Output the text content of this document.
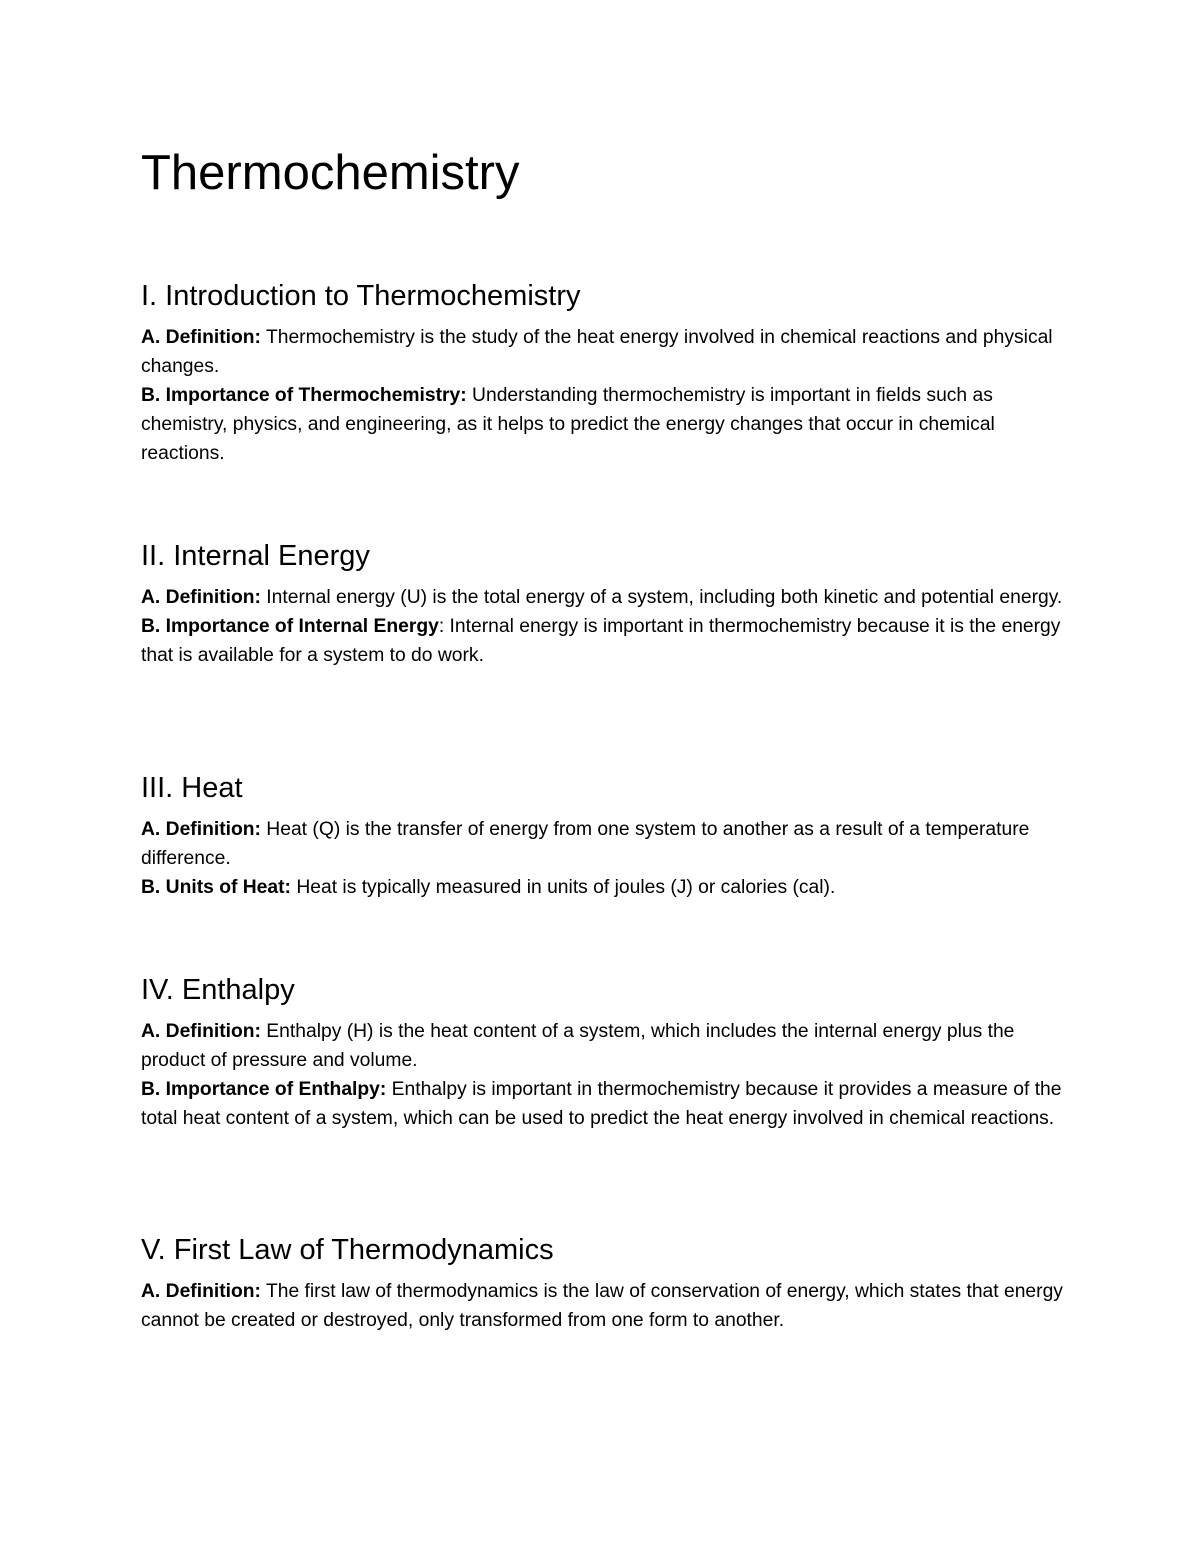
Thermochemistry
I. Introduction to Thermochemistry

A. Definition: Thermochemistry is the study of the heat energy involved in chemical reactions and physical changes.

B. Importance of Thermochemistry: Understanding thermochemistry is important in fields such as chemistry, physics, and engineering, as it helps to predict the energy changes that occur in chemical reactions.

II. Internal Energy

A. Definition: Internal energy (U) is the total energy of a system, including both kinetic and potential energy.

B. Importance of Internal Energy: Internal energy is important in thermochemistry because it is the energy that is available for a system to do work.

III. Heat

A. Definition: Heat (Q) is the transfer of energy from one system to another as a result of a temperature difference.

B. Units of Heat: Heat is typically measured in units of joules (J) or calories (cal).

IV. Enthalpy

A. Definition: Enthalpy (H) is the heat content of a system, which includes the internal energy plus the product of pressure and volume.

B. Importance of Enthalpy: Enthalpy is important in thermochemistry because it provides a measure of the total heat content of a system, which can be used to predict the heat energy involved in chemical reactions.

V. First Law of Thermodynamics

A. Definition: The first law of thermodynamics is the law of conservation of energy, which states that energy cannot be created or destroyed, only transformed from one form to another.
